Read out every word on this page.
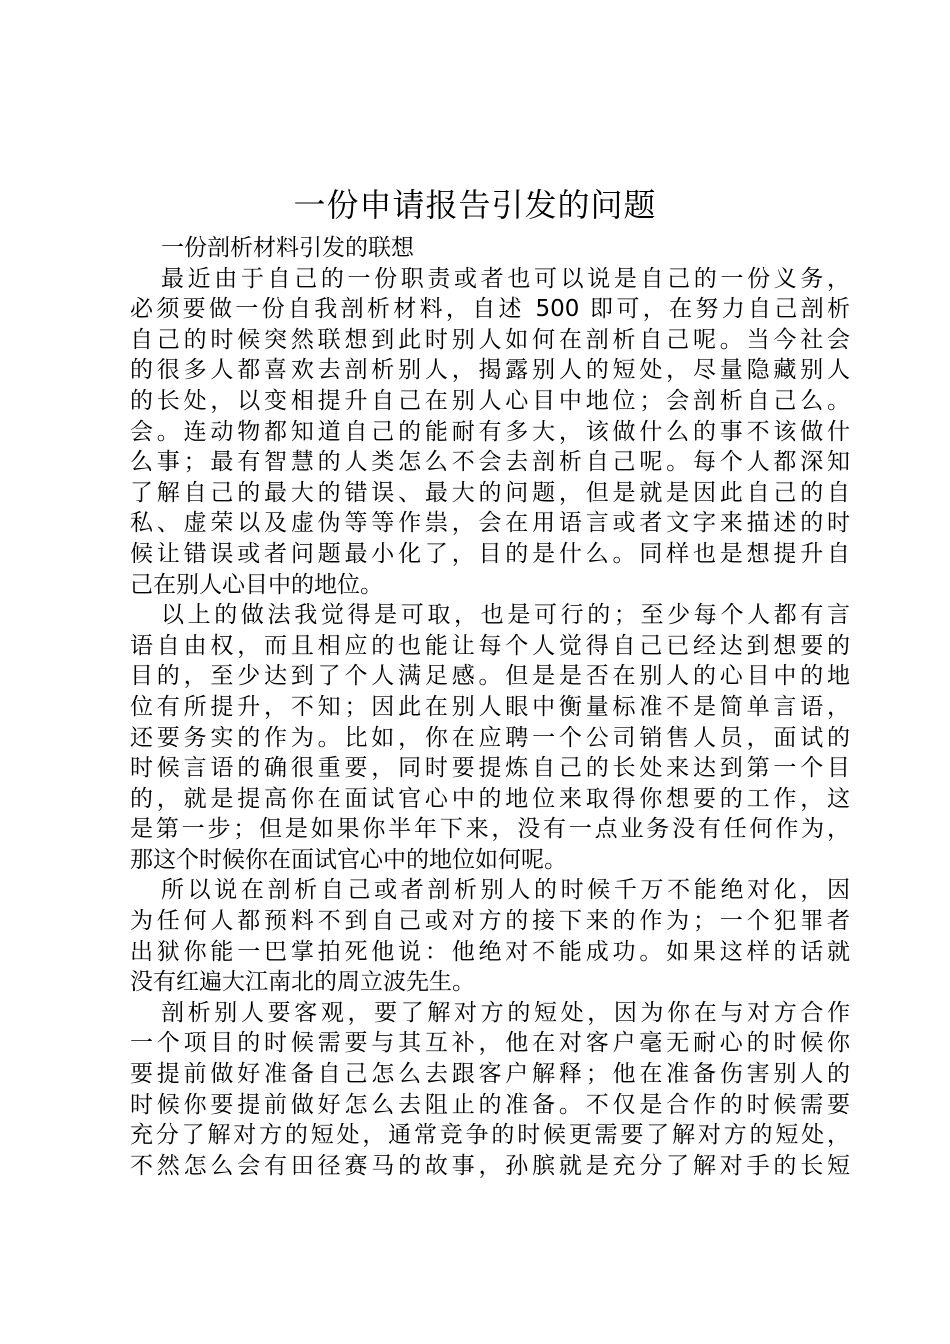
一份申请报告引发的问题
一份剖析材料引发的联想
最近由于自己的一份职责或者也可以说是自己的一份义务，
必须要做一份自我剖析材料，自述 500 即可，在努力自己剖析
自己的时候突然联想到此时别人如何在剖析自己呢。当今社会
的很多人都喜欢去剖析别人，揭露别人的短处，尽量隐藏别人
的长处，以变相提升自己在别人心目中地位；会剖析自己么。
会。连动物都知道自己的能耐有多大，该做什么的事不该做什
么事；最有智慧的人类怎么不会去剖析自己呢。每个人都深知
了解自己的最大的错误、最大的问题，但是就是因此自己的自
私、虚荣以及虚伪等等作祟，会在用语言或者文字来描述的时
候让错误或者问题最小化了，目的是什么。同样也是想提升自
己在别人心目中的地位。
以上的做法我觉得是可取，也是可行的；至少每个人都有言
语自由权，而且相应的也能让每个人觉得自己已经达到想要的
目的，至少达到了个人满足感。但是是否在别人的心目中的地
位有所提升，不知；因此在别人眼中衡量标准不是简单言语，
还要务实的作为。比如，你在应聘一个公司销售人员，面试的
时候言语的确很重要，同时要提炼自己的长处来达到第一个目
的，就是提高你在面试官心中的地位来取得你想要的工作，这
是第一步；但是如果你半年下来，没有一点业务没有任何作为，
那这个时候你在面试官心中的地位如何呢。
所以说在剖析自己或者剖析别人的时候千万不能绝对化，因
为任何人都预料不到自己或对方的接下来的作为；一个犯罪者
出狱你能一巴掌拍死他说：他绝对不能成功。如果这样的话就
没有红遍大江南北的周立波先生。
剖析别人要客观，要了解对方的短处，因为你在与对方合作
一个项目的时候需要与其互补，他在对客户毫无耐心的时候你
要提前做好准备自己怎么去跟客户解释；他在准备伤害别人的
时候你要提前做好怎么去阻止的准备。不仅是合作的时候需要
充分了解对方的短处，通常竞争的时候更需要了解对方的短处，
不然怎么会有田径赛马的故事，孙膑就是充分了解对手的长短
